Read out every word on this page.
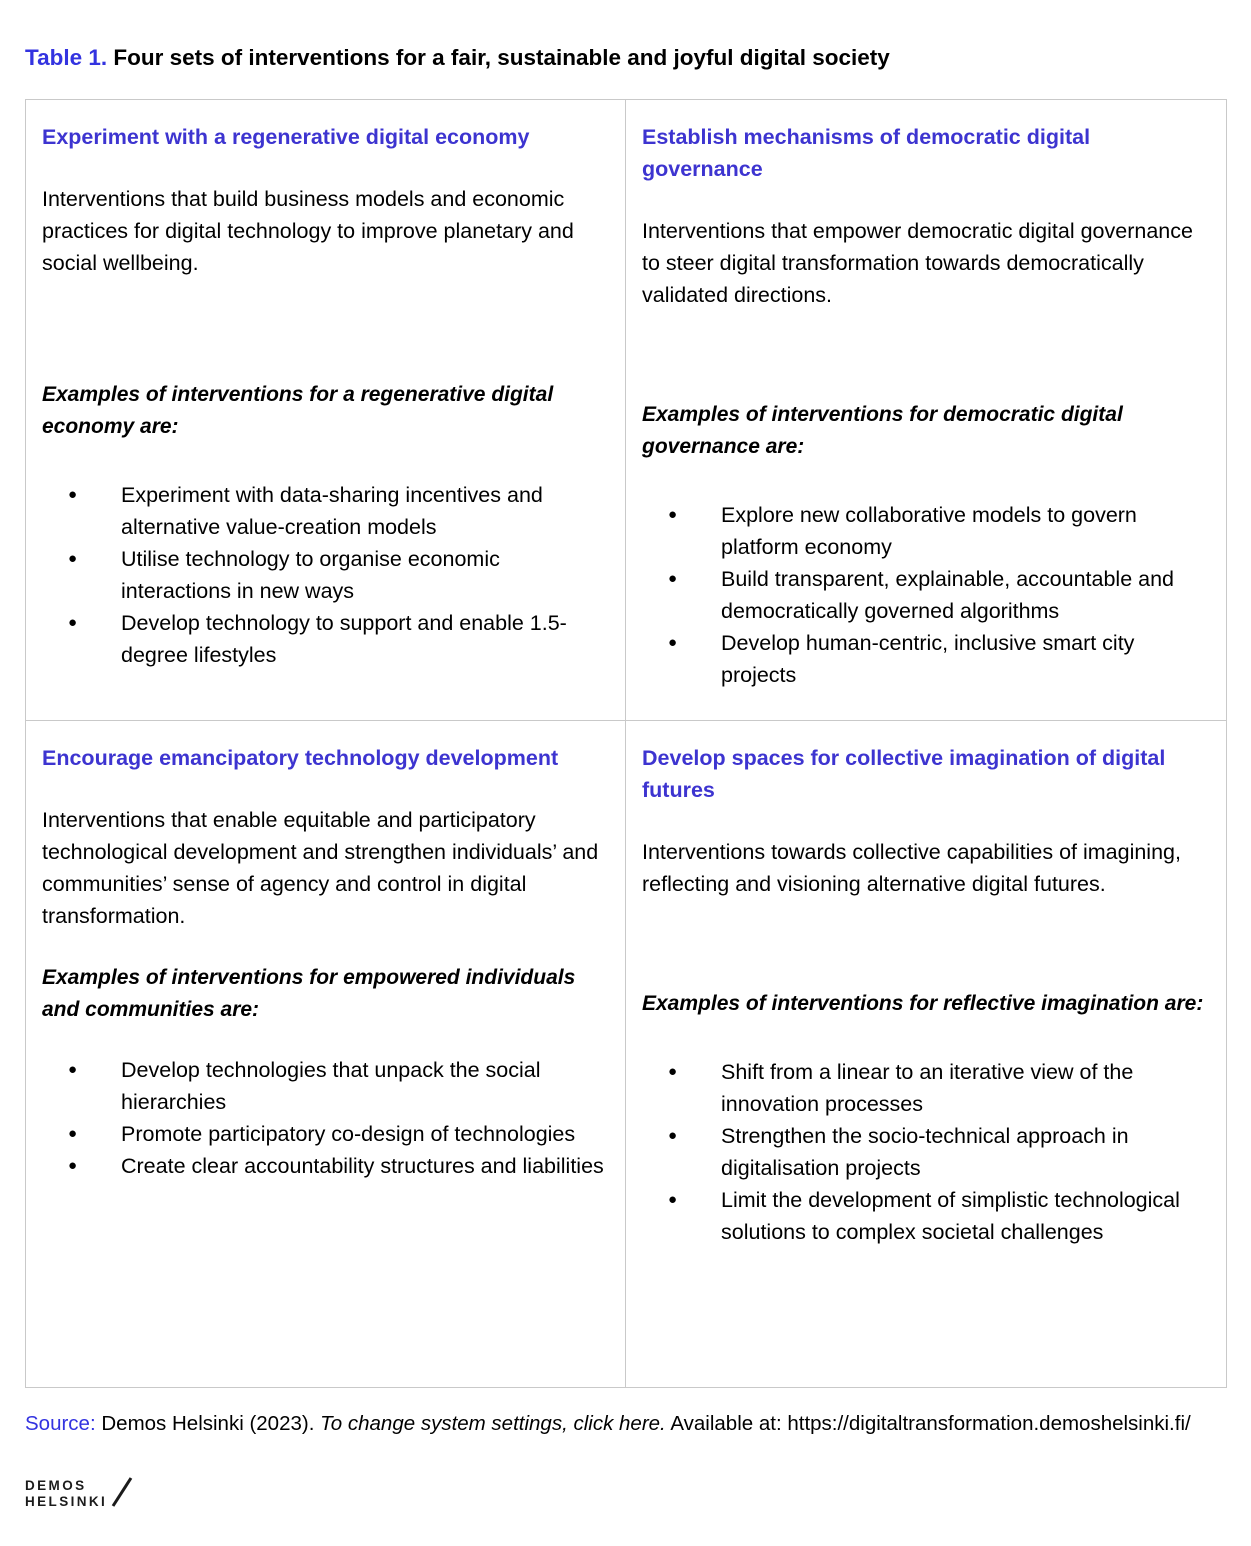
Table 1. Four sets of interventions for a fair, sustainable and joyful digital society
Experiment with a regenerative digital economy

Interventions that build business models and economic practices for digital technology to improve planetary and social wellbeing.

Examples of interventions for a regenerative digital economy are:

● Experiment with data-sharing incentives and alternative value-creation models
● Utilise technology to organise economic interactions in new ways
● Develop technology to support and enable 1.5-degree lifestyles
Establish mechanisms of democratic digital governance

Interventions that empower democratic digital governance to steer digital transformation towards democratically validated directions.

Examples of interventions for democratic digital governance are:

● Explore new collaborative models to govern platform economy
● Build transparent, explainable, accountable and democratically governed algorithms
● Develop human-centric, inclusive smart city projects
Encourage emancipatory technology development

Interventions that enable equitable and participatory technological development and strengthen individuals’ and communities’ sense of agency and control in digital transformation.

Examples of interventions for empowered individuals and communities are:

● Develop technologies that unpack the social hierarchies
● Promote participatory co-design of technologies
● Create clear accountability structures and liabilities
Develop spaces for collective imagination of digital futures

Interventions towards collective capabilities of imagining, reflecting and visioning alternative digital futures.

Examples of interventions for reflective imagination are:

● Shift from a linear to an iterative view of the innovation processes
● Strengthen the socio-technical approach in digitalisation projects
● Limit the development of simplistic technological solutions to complex societal challenges

Source: Demos Helsinki (2023). To change system settings, click here. Available at: https://digitaltransformation.demoshelsinki.fi/

DEMOS
HELSINKI
